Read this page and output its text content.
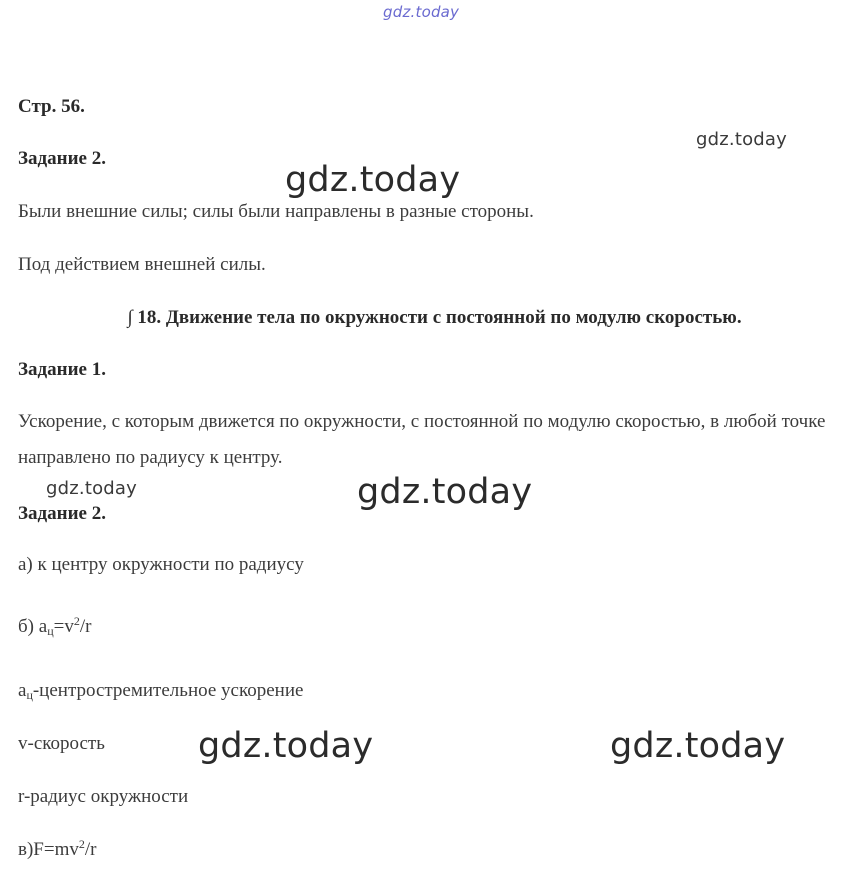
gdz.today
gdz.today
gdz.today
gdz.today	gdz.today
gdz.today	gdz.today
Стр. 56.
Задание 2.
Были внешние силы; силы были направлены в разные стороны.
Под действием внешней силы.
∫ 18. Движение тела по окружности с постоянной по модулю скоростью.
Задание 1.
Ускорение, с которым движется по окружности, с постоянной по модулю скоростью, в любой точке направлено по радиусу к центру.
Задание 2.
а) к центру окружности по радиусу
б) $a_ц=v^2/r$
$a_ц$-центростремительное ускорение
v-скорость
r-радиус окружности
$в)F=mv^2/r$
